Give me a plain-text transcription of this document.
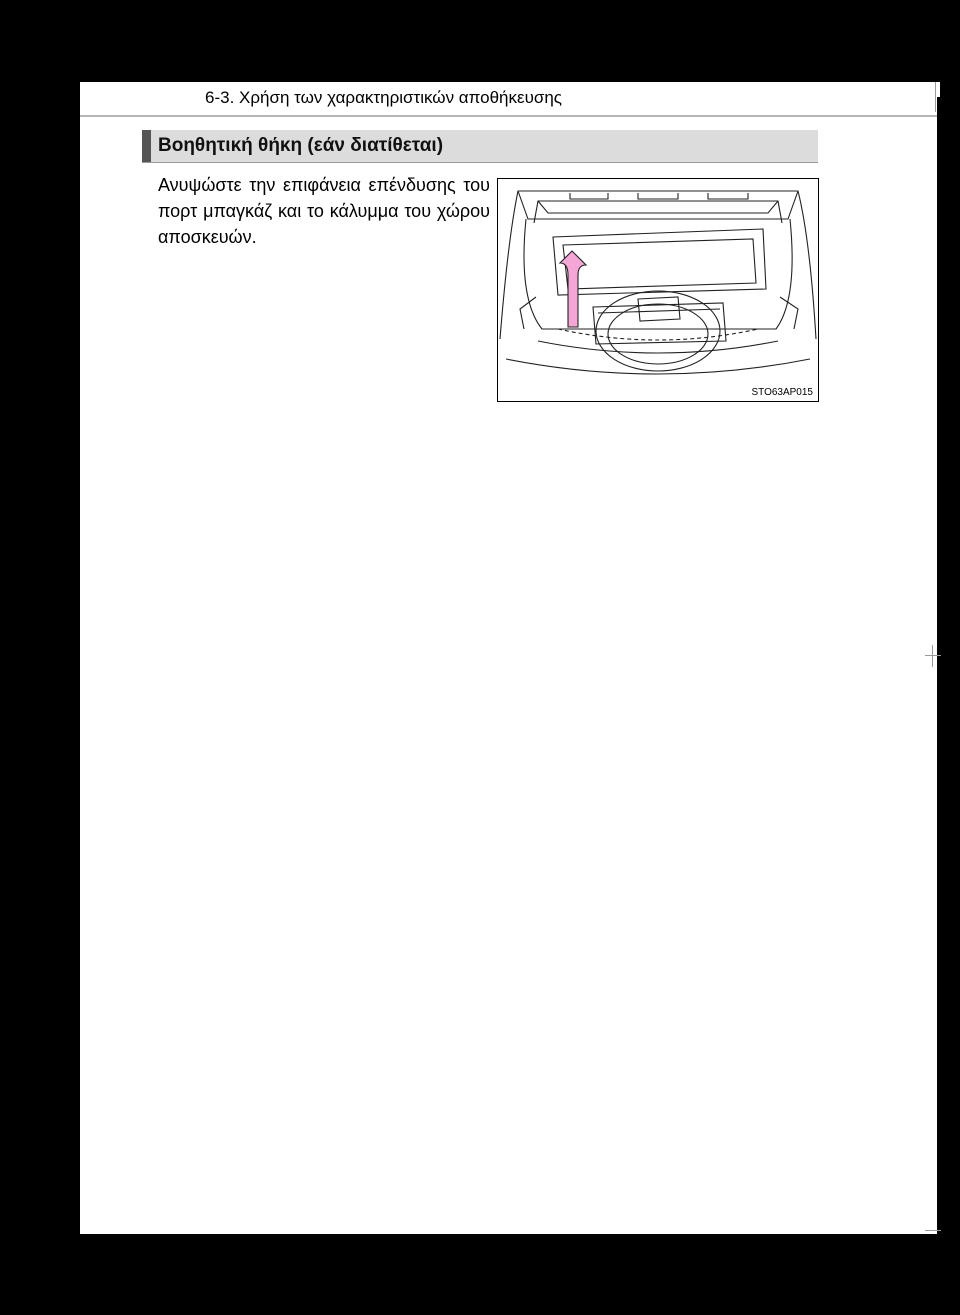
6-3. Χρήση των χαρακτηριστικών αποθήκευσης
Βοηθητική θήκη (εάν διατίθεται)
Ανυψώστε την επιφάνεια επένδυσης του πορτ μπαγκάζ και το κάλυμμα του χώρου αποσκευών.
STO63AP015
